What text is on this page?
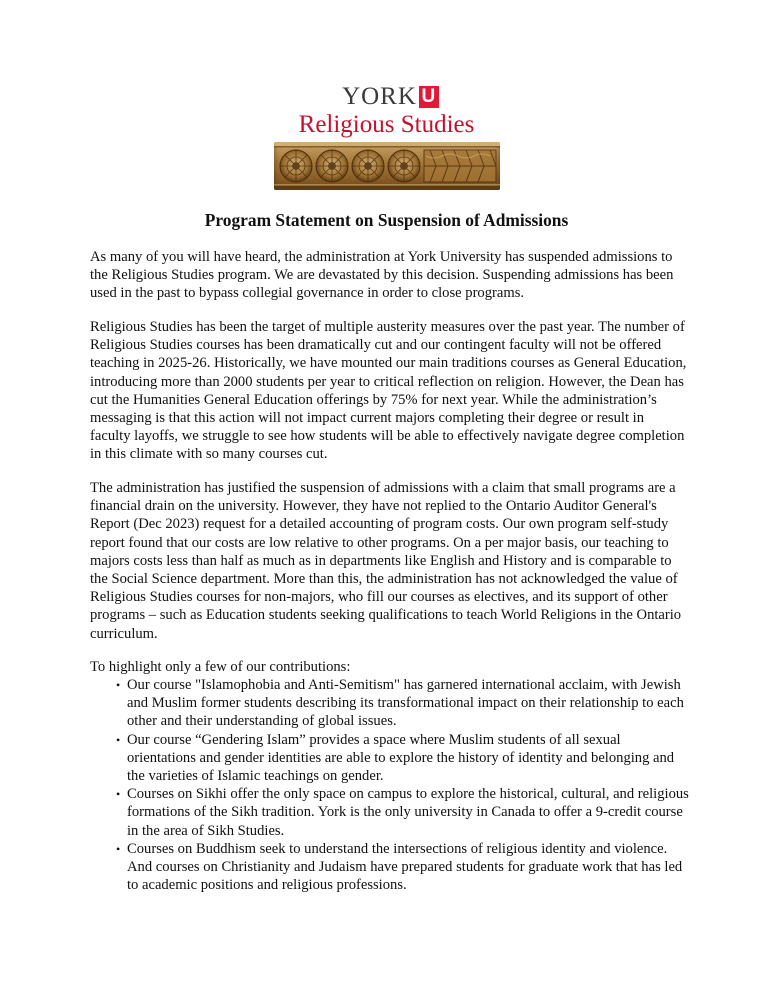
YORK U
Religious Studies
Program Statement on Suspension of Admissions
As many of you will have heard, the administration at York University has suspended admissions to the Religious Studies program. We are devastated by this decision. Suspending admissions has been used in the past to bypass collegial governance in order to close programs.
Religious Studies has been the target of multiple austerity measures over the past year. The number of Religious Studies courses has been dramatically cut and our contingent faculty will not be offered teaching in 2025-26. Historically, we have mounted our main traditions courses as General Education, introducing more than 2000 students per year to critical reflection on religion. However, the Dean has cut the Humanities General Education offerings by 75% for next year. While the administration’s messaging is that this action will not impact current majors completing their degree or result in faculty layoffs, we struggle to see how students will be able to effectively navigate degree completion in this climate with so many courses cut.
The administration has justified the suspension of admissions with a claim that small programs are a financial drain on the university. However, they have not replied to the Ontario Auditor General's Report (Dec 2023) request for a detailed accounting of program costs. Our own program self-study report found that our costs are low relative to other programs. On a per major basis, our teaching to majors costs less than half as much as in departments like English and History and is comparable to the Social Science department. More than this, the administration has not acknowledged the value of Religious Studies courses for non-majors, who fill our courses as electives, and its support of other programs – such as Education students seeking qualifications to teach World Religions in the Ontario curriculum.
To highlight only a few of our contributions:
• Our course "Islamophobia and Anti-Semitism" has garnered international acclaim, with Jewish and Muslim former students describing its transformational impact on their relationship to each other and their understanding of global issues.
• Our course “Gendering Islam” provides a space where Muslim students of all sexual orientations and gender identities are able to explore the history of identity and belonging and the varieties of Islamic teachings on gender.
• Courses on Sikhi offer the only space on campus to explore the historical, cultural, and religious formations of the Sikh tradition. York is the only university in Canada to offer a 9-credit course in the area of Sikh Studies.
• Courses on Buddhism seek to understand the intersections of religious identity and violence. And courses on Christianity and Judaism have prepared students for graduate work that has led to academic positions and religious professions.
